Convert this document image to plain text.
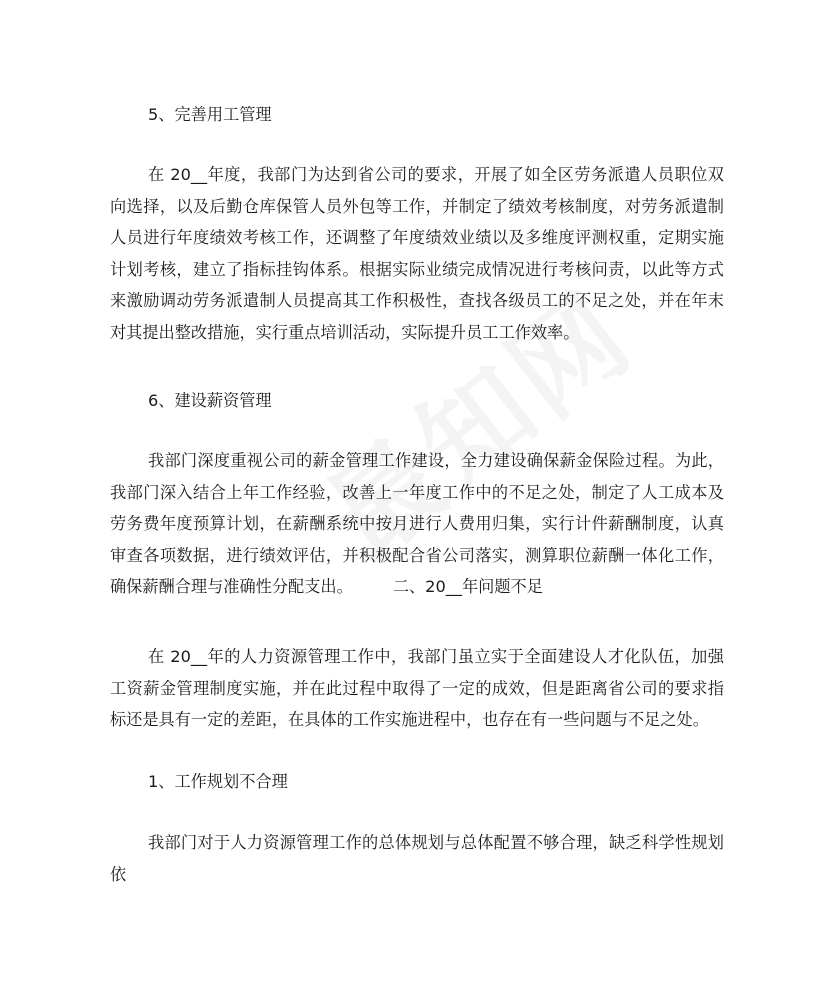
5、完善用工管理
在 20__年度，我部门为达到省公司的要求，开展了如全区劳务派遣人员职位双向选择，以及后勤仓库保管人员外包等工作，并制定了绩效考核制度，对劳务派遣制人员进行年度绩效考核工作，还调整了年度绩效业绩以及多维度评测权重，定期实施计划考核，建立了指标挂钩体系。根据实际业绩完成情况进行考核问责，以此等方式来激励调动劳务派遣制人员提高其工作积极性，查找各级员工的不足之处，并在年末对其提出整改措施，实行重点培训活动，实际提升员工工作效率。
6、建设薪资管理
我部门深度重视公司的薪金管理工作建设，全力建设确保薪金保险过程。为此，我部门深入结合上年工作经验，改善上一年度工作中的不足之处，制定了人工成本及劳务费年度预算计划，在薪酬系统中按月进行人费用归集，实行计件薪酬制度，认真审查各项数据，进行绩效评估，并积极配合省公司落实，测算职位薪酬一体化工作，确保薪酬合理与准确性分配支出。 二、20__年问题不足
在 20__年的人力资源管理工作中，我部门虽立实于全面建设人才化队伍，加强工资薪金管理制度实施，并在此过程中取得了一定的成效，但是距离省公司的要求指标还是具有一定的差距，在具体的工作实施进程中，也存在有一些问题与不足之处。
1、工作规划不合理
我部门对于人力资源管理工作的总体规划与总体配置不够合理，缺乏科学性规划依
